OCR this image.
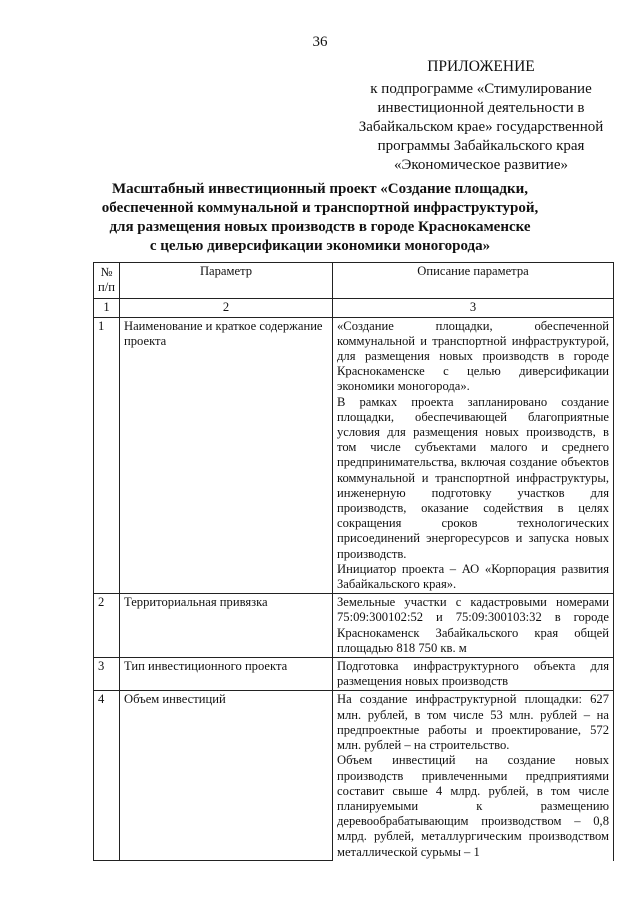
36
ПРИЛОЖЕНИЕ
к подпрограмме «Стимулирование
инвестиционной деятельности в
Забайкальском крае» государственной
программы Забайкальского края
«Экономическое развитие»
Масштабный инвестиционный проект «Создание площадки,
обеспеченной коммунальной и транспортной инфраструктурой,
для размещения новых производств в городе Краснокаменске
с целью диверсификации экономики моногорода»
№ п/п	Параметр	Описание параметра
1	2	3
1	Наименование и краткое содержание проекта	«Создание площадки, обеспеченной коммунальной и транспортной инфраструктурой, для размещения новых производств в городе Краснокаменске с целью диверсификации экономики моногорода».

В рамках проекта запланировано создание площадки, обеспечивающей благоприятные условия для размещения новых производств, в том числе субъектами малого и среднего предпринимательства, включая создание объектов коммунальной и транспортной инфраструктуры, инженерную подготовку участков для производств, оказание содействия в целях сокращения сроков технологических присоединений энергоресурсов и запуска новых производств.

Инициатор проекта – АО «Корпорация развития Забайкальского края».

2	Территориальная привязка	Земельные участки с кадастровыми номерами 75:09:300102:52 и 75:09:300103:32 в городе Краснокаменск Забайкальского края общей площадью 818 750 кв. м

3	Тип инвестиционного проекта	Подготовка инфраструктурного объекта для размещения новых производств

4	Объем инвестиций	На создание инфраструктурной площадки: 627 млн. рублей, в том числе 53 млн. рублей – на предпроектные работы и проектирование, 572 млн. рублей – на строительство.

Объем инвестиций на создание новых производств привлеченными предприятиями составит свыше 4 млрд. рублей, в том числе планируемыми к размещению деревообрабатывающим производством – 0,8 млрд. рублей, металлургическим производством металлической сурьмы – 1
